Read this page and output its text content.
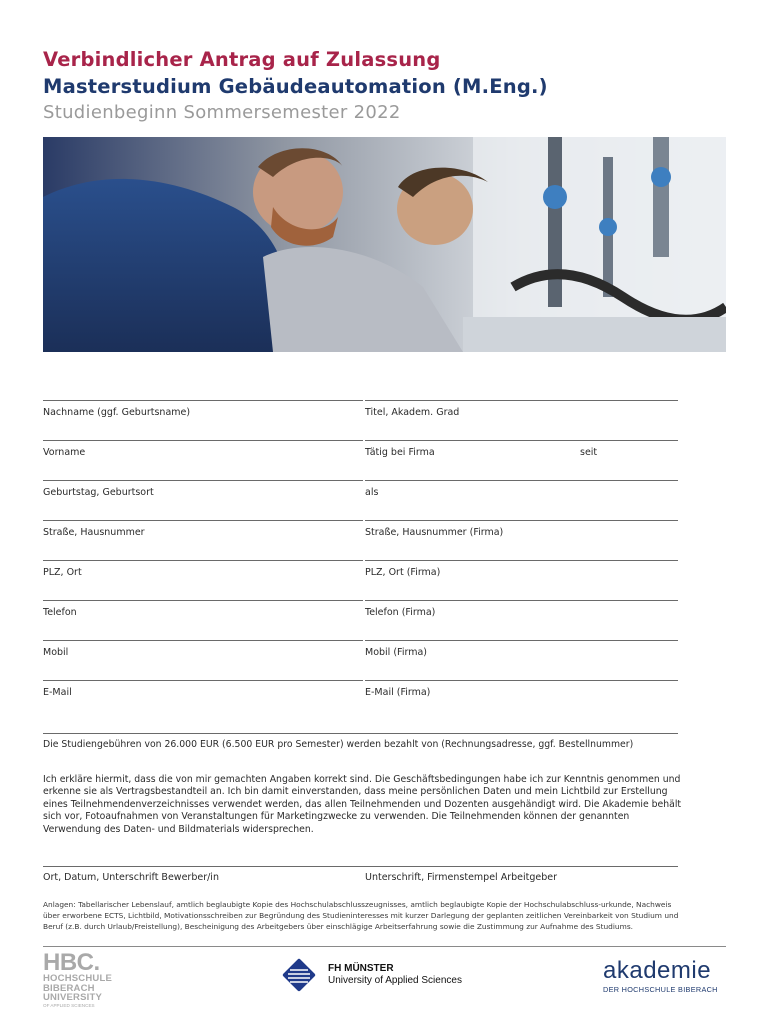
Verbindlicher Antrag auf Zulassung
Masterstudium Gebäudeautomation (M.Eng.)
Studienbeginn Sommersemester 2022
Nachname (ggf. Geburtsname)	Titel, Akadem. Grad
Vorname	Tätig bei Firma	seit
Geburtstag, Geburtsort	als
Straße, Hausnummer	Straße, Hausnummer (Firma)
PLZ, Ort	PLZ, Ort (Firma)
Telefon	Telefon (Firma)
Mobil	Mobil (Firma)
E-Mail	E-Mail (Firma)
Die Studiengebühren von 26.000 EUR (6.500 EUR pro Semester) werden bezahlt von (Rechnungsadresse, ggf. Bestellnummer)

Ich erkläre hiermit, dass die von mir gemachten Angaben korrekt sind. Die Geschäftsbedingungen habe ich zur Kenntnis genommen und erkenne sie als Vertragsbestandteil an. Ich bin damit einverstanden, dass meine persönlichen Daten und mein Lichtbild zur Erstellung eines Teilnehmendenverzeichnisses verwendet werden, das allen Teilnehmenden und Dozenten ausgehändigt wird. Die Akademie behält sich vor, Fotoaufnahmen von Veranstaltungen für Marketingzwecke zu verwenden. Die Teilnehmenden können der genannten Verwendung des Daten- und Bildmaterials widersprechen.

Ort, Datum, Unterschrift Bewerber/in	Unterschrift, Firmenstempel Arbeitgeber

Anlagen: Tabellarischer Lebenslauf, amtlich beglaubigte Kopie des Hochschulabschlusszeugnisses, amtlich beglaubigte Kopie der Hochschulabschluss-urkunde, Nachweis über erworbene ECTS, Lichtbild, Motivationsschreiben zur Begründung des Studieninteresses mit kurzer Darlegung der geplanten zeitlichen Vereinbarkeit von Studium und Beruf (z.B. durch Urlaub/Freistellung), Bescheinigung des Arbeitgebers über einschlägige Arbeitserfahrung sowie die Zustimmung zur Aufnahme des Studiums.

HBC.
HOCHSCHULE
BIBERACH
UNIVERSITY
OF APPLIED SCIENCES
FH MÜNSTER
University of Applied Sciences	akademie
DER HOCHSCHULE BIBERACH
